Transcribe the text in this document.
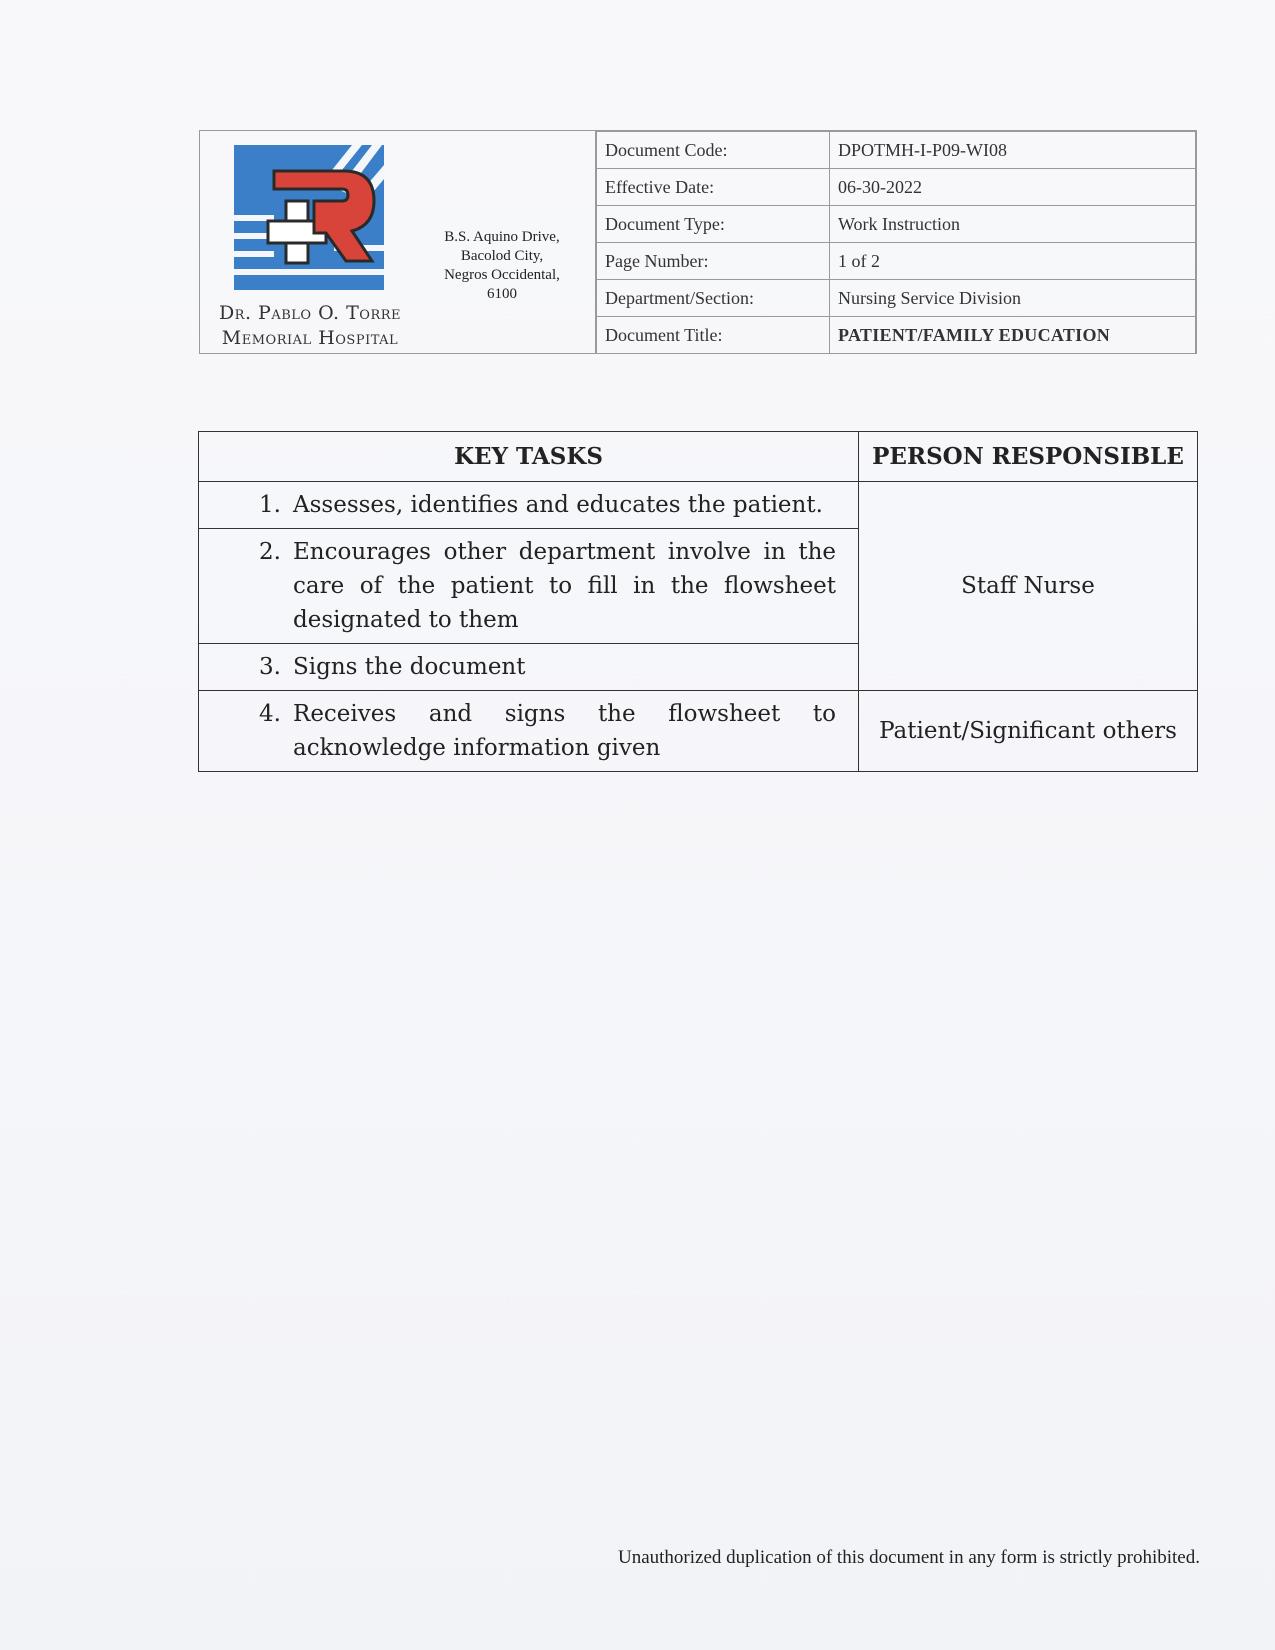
Dr. Pablo O. Torre
Memorial Hospital
B.S. Aquino Drive,
Bacolod City,
Negros Occidental,
6100
Document Code:	DPOTMH-I-P09-WI08
Effective Date:	06-30-2022
Document Type:	Work Instruction
Page Number:	1 of 2
Department/Section:	Nursing Service Division
Document Title:	PATIENT/FAMILY EDUCATION
KEY TASKS	PERSON RESPONSIBLE

1. Assesses, identifies and educates the patient.	Staff Nurse

2. Encourages other department involve in the care of the patient to fill in the flowsheet designated to them	

3. Signs the document	

4. Receives and signs the flowsheet to acknowledge information given	Patient/Significant others
Unauthorized duplication of this document in any form is strictly prohibited.
